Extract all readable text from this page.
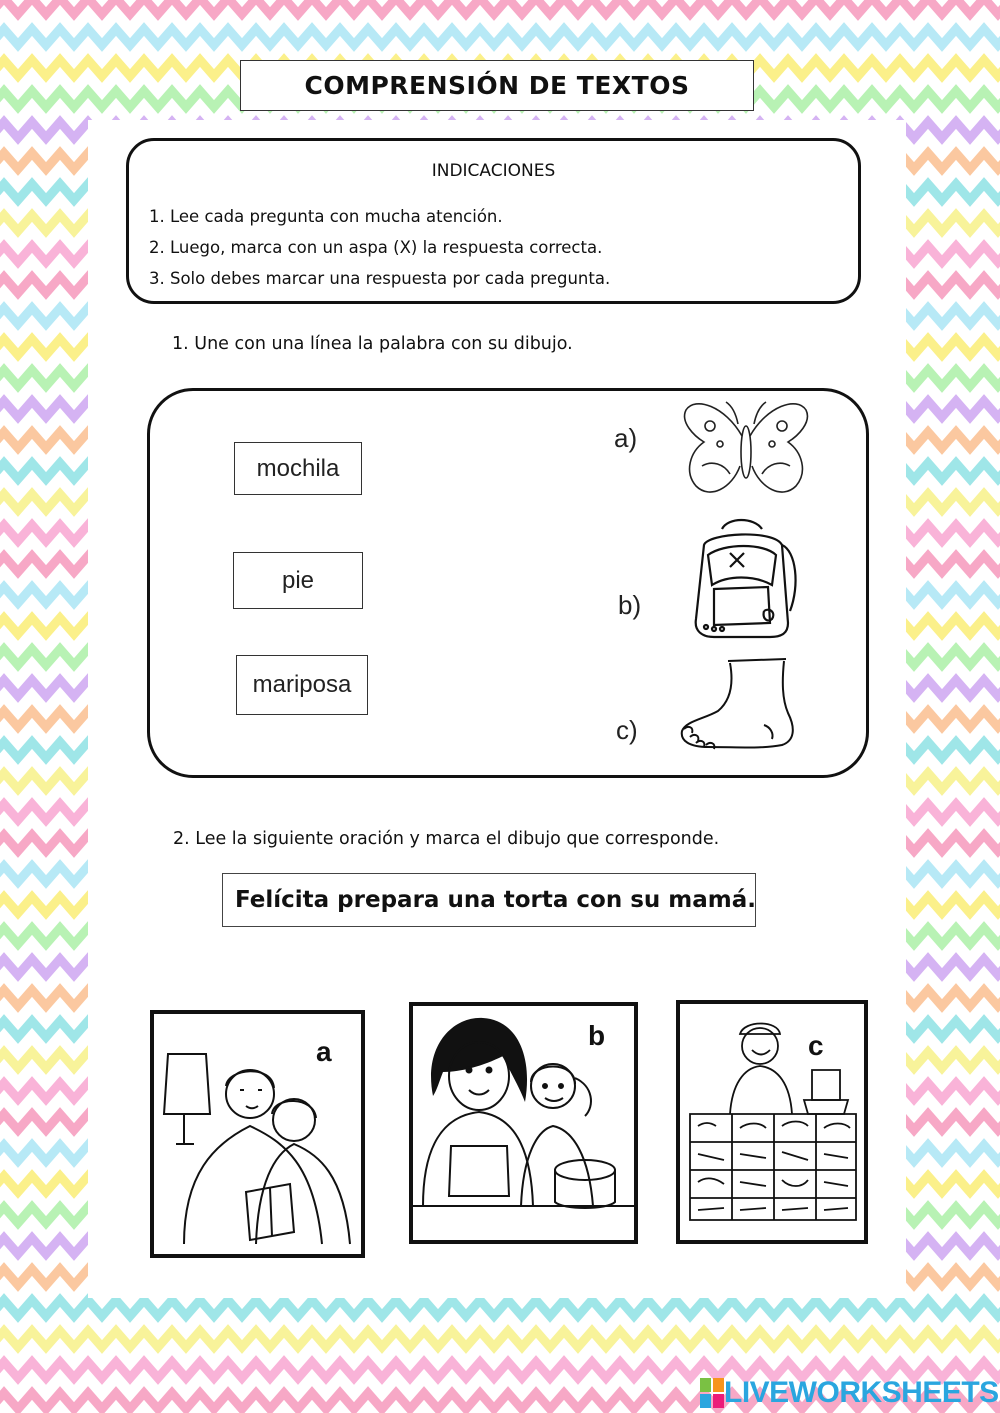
COMPRENSIÓN DE TEXTOS
INDICACIONES
1. Lee cada pregunta con mucha atención.
2. Luego, marca con un aspa (X) la respuesta correcta.
3. Solo debes marcar una respuesta por cada pregunta.
1. Une con una línea la palabra con su dibujo.
mochila
pie
mariposa
a)
b)
c)
2. Lee la siguiente oración y marca el dibujo que corresponde.
Felícita prepara una torta con su mamá.
a
b	c
LIVEWORKSHEETS
